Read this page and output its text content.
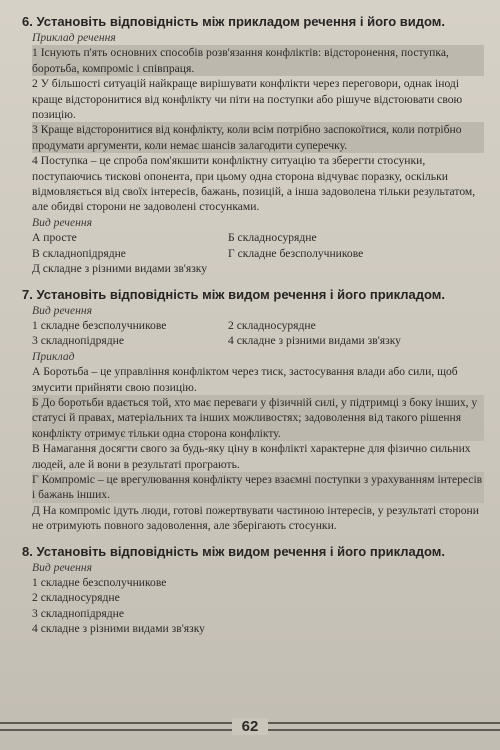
6. Установіть відповідність між прикладом речення і його видом.
Приклад речення

1 Існують п'ять основних способів розв'язання конфліктів: відсторонення, поступка, боротьба, компроміс і співпраця.

2 У більшості ситуацій найкраще вирішувати конфлікти через переговори, однак іноді краще відсторонитися від конфлікту чи піти на поступки або рішуче відстоювати свою позицію.

3 Краще відсторонитися від конфлікту, коли всім потрібно заспокоїтися, коли потрібно продумати аргументи, коли немає шансів залагодити суперечку.

4 Поступка – це спроба пом'якшити конфліктну ситуацію та зберегти стосунки, поступаючись тискові опонента, при цьому одна сторона відчуває поразку, оскільки відмовляється від своїх інтересів, бажань, позицій, а інша задоволена тільки результатом, але обидві сторони не задоволені стосунками.

Вид речення
А просте	Б складносурядне
В складнопідрядне	Г складне безсполучникове
Д складне з різними видами зв'язку
7. Установіть відповідність між видом речення і його прикладом.
Вид речення
1 складне безсполучникове	2 складносурядне
3 складнопідрядне	4 складне з різними видами зв'язку
Приклад

А Боротьба – це управління конфліктом через тиск, застосування влади або сили, щоб змусити прийняти свою позицію.

Б До боротьби вдається той, хто має переваги у фізичній силі, у підтримці з боку інших, у статусі й правах, матеріальних та інших можливостях; задоволення від такого рішення конфлікту отримує тільки одна сторона конфлікту.

В Намагання досягти свого за будь-яку ціну в конфлікті характерне для фізично сильних людей, але й вони в результаті програють.

Г Компроміс – це врегулювання конфлікту через взаємні поступки з урахуванням інтересів і бажань інших.

Д На компроміс ідуть люди, готові пожертвувати частиною інтересів, у результаті сторони не отримують повного задоволення, але зберігають стосунки.

8. Установіть відповідність між видом речення і його прикладом.
Вид речення
1 складне безсполучникове
2 складносурядне
3 складнопідрядне
4 складне з різними видами зв'язку
62
